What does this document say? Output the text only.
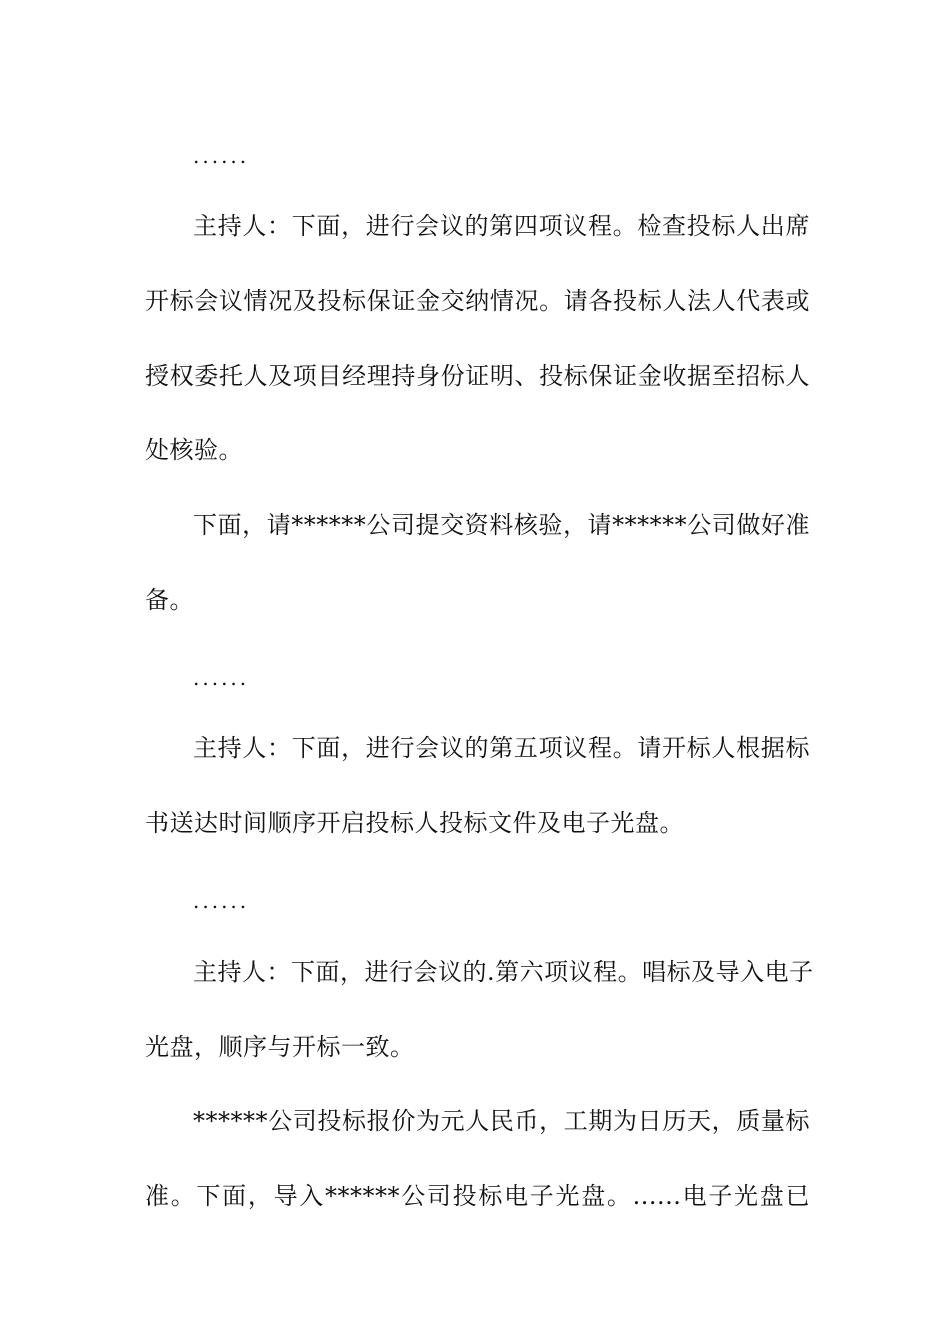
......
主持人：下面，进行会议的第四项议程。检查投标人出席
开标会议情况及投标保证金交纳情况。请各投标人法人代表或
授权委托人及项目经理持身份证明、投标保证金收据至招标人
处核验。
下面，请******公司提交资料核验，请******公司做好准
备。
......
主持人：下面，进行会议的第五项议程。请开标人根据标
书送达时间顺序开启投标人投标文件及电子光盘。
......
主持人：下面，进行会议的.第六项议程。唱标及导入电子
光盘，顺序与开标一致。
******公司投标报价为元人民币，工期为日历天，质量标
准。下面，导入******公司投标电子光盘。......电子光盘已
